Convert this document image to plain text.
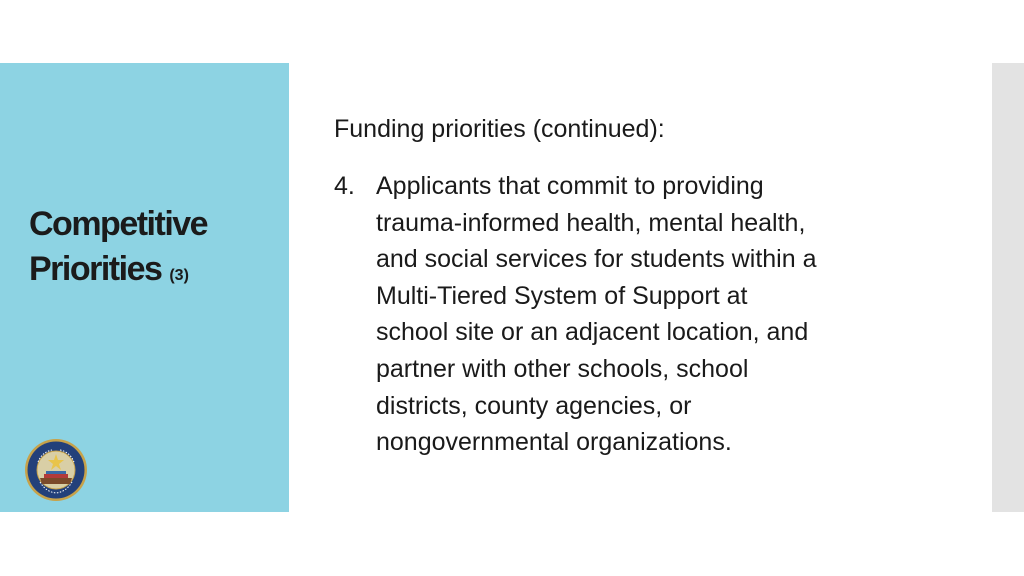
Competitive
Priorities (3)
Funding priorities (continued):
4. Applicants that commit to providing
trauma-informed health, mental health,
and social services for students within a
Multi-Tiered System of Support at
school site or an adjacent location, and
partner with other schools, school
districts, county agencies, or
nongovernmental organizations.
